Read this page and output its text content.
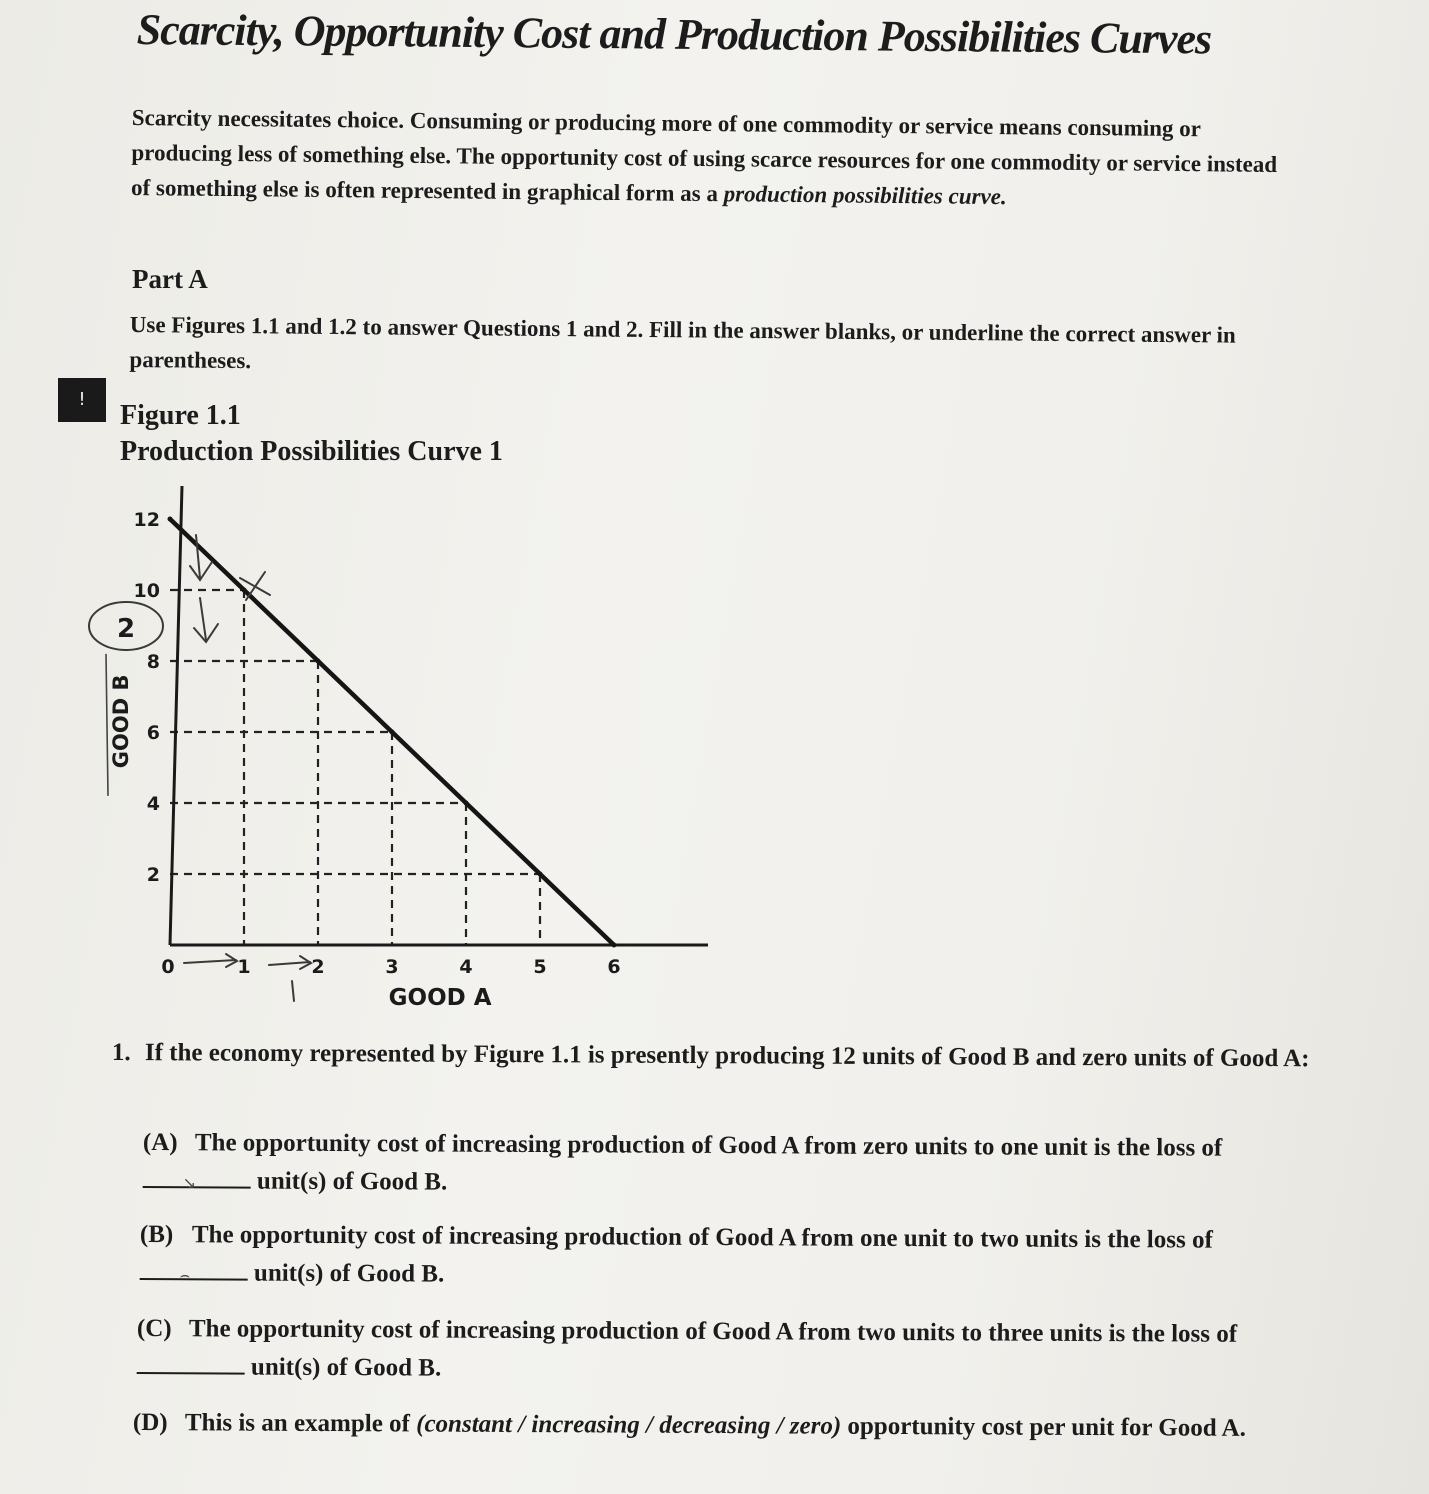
Scarcity, Opportunity Cost and Production Possibilities Curves
Scarcity necessitates choice. Consuming or producing more of one commodity or service means consuming or producing less of something else. The opportunity cost of using scarce resources for one commodity or service instead of something else is often represented in graphical form as a production possibilities curve.
Part A
Use Figures 1.1 and 1.2 to answer Questions 1 and 2. Fill in the answer blanks, or underline the correct answer in parentheses.
!
Figure 1.1
Production Possibilities Curve 1
2
4
6
8
10
12
0	1	2	3	4	5	6
GOOD A
GOOD B
2
1. If the economy represented by Figure 1.1 is presently producing 12 units of Good B and zero units of Good A:
(A) The opportunity cost of increasing production of Good A from zero units to one unit is the loss of
↘ unit(s) of Good B.
(B) The opportunity cost of increasing production of Good A from one unit to two units is the loss of
⌢	unit(s) of Good B.
(C) The opportunity cost of increasing production of Good A from two units to three units is the loss of  unit(s) of Good B.
(D) This is an example of (constant / increasing / decreasing / zero) opportunity cost per unit for Good A.
